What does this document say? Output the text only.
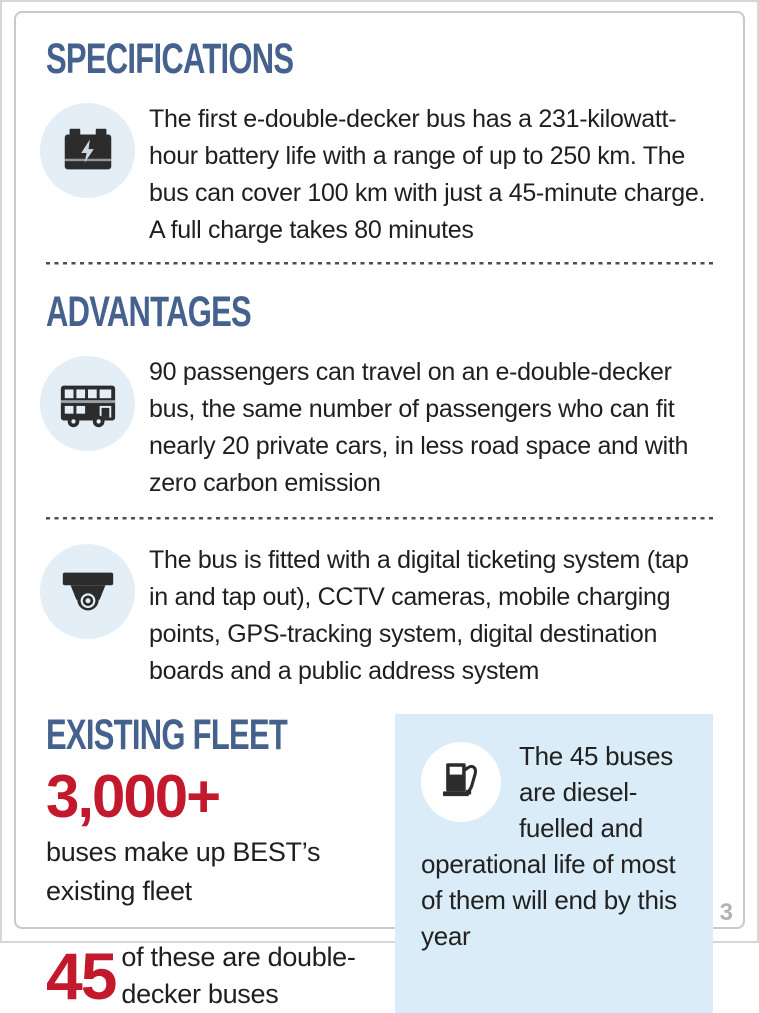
SPECIFICATIONS

The first e-double-decker bus has a 231-kilowatt-hour battery life with a range of up to 250 km. The bus can cover 100 km with just a 45-minute charge. A full charge takes 80 minutes

ADVANTAGES

90 passengers can travel on an e-double-decker bus, the same number of passengers who can fit nearly 20 private cars, in less road space and with zero carbon emission

The bus is fitted with a digital ticketing system (tap in and tap out), CCTV cameras, mobile charging points, GPS-tracking system, digital destination boards and a public address system

EXISTING FLEET
3,000+

buses make up BEST’s existing fleet

45 of these are double-decker buses

The 45 buses are diesel-fuelled and operational life of most of them will end by this year

3
